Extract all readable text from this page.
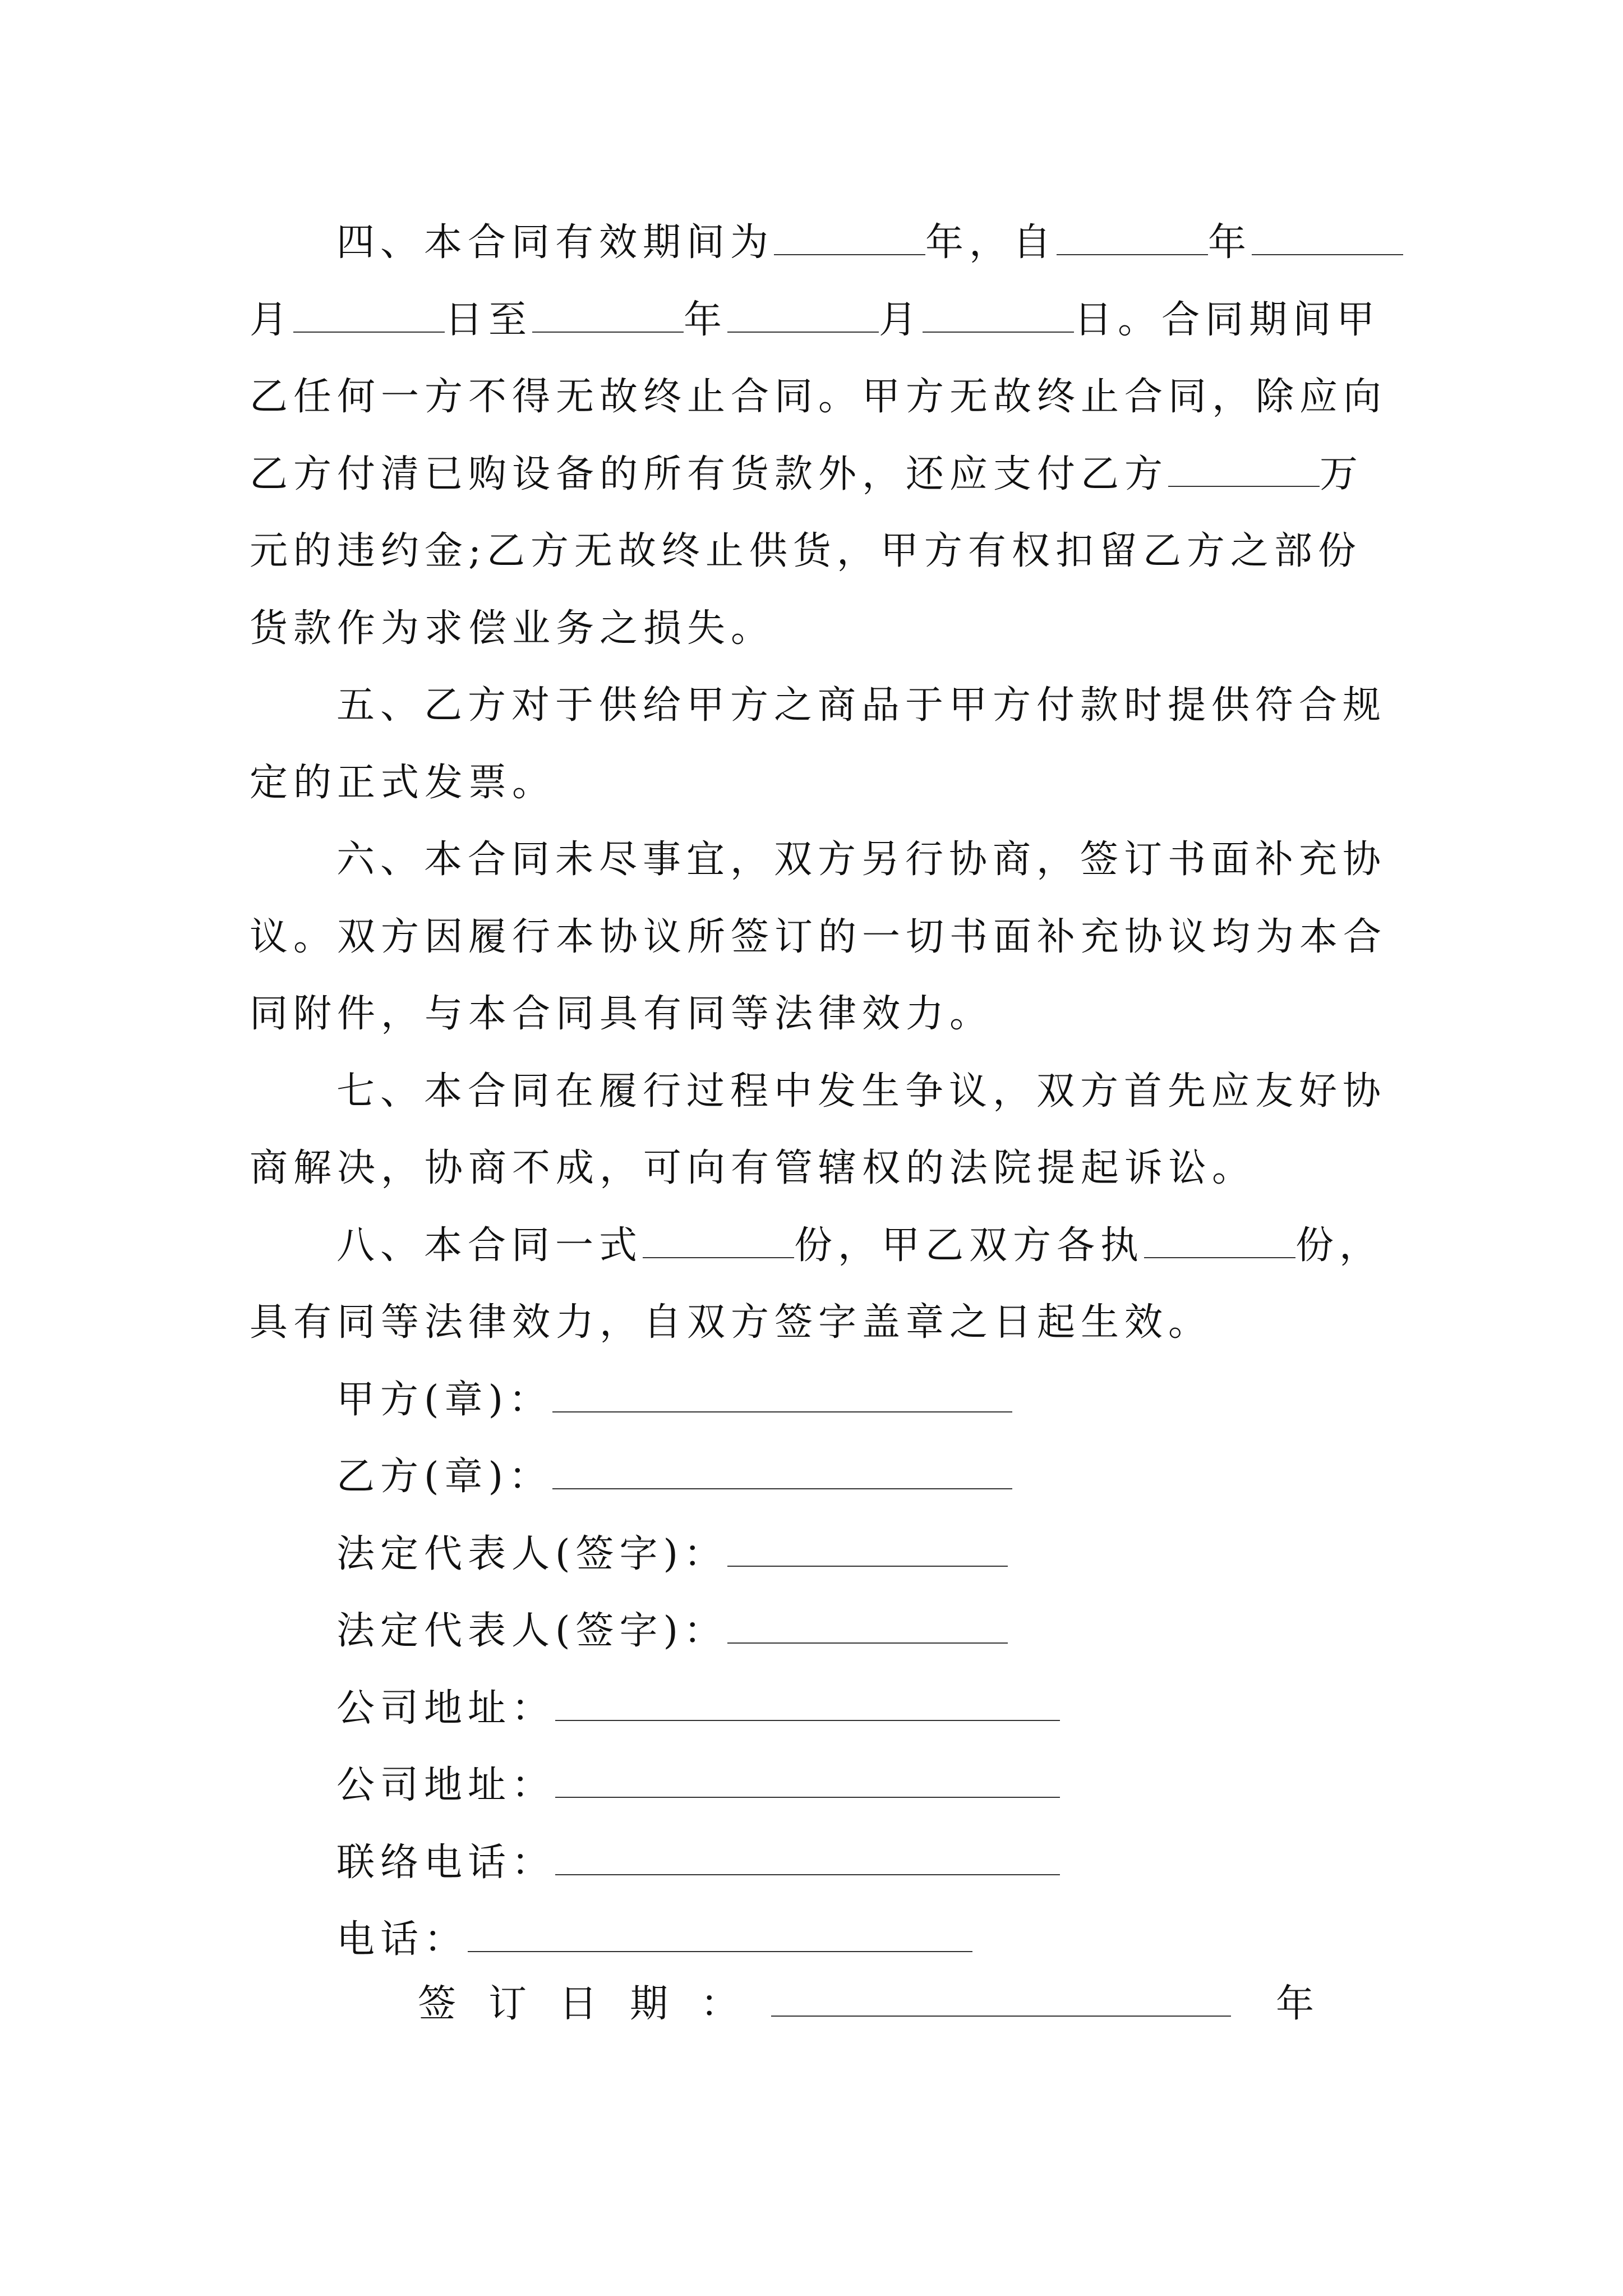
四、本合同有效期间为	年，自	年
月	日至	年	月	日。合同期间甲
乙任何一方不得无故终止合同。甲方无故终止合同，除应向
乙方付清已购设备的所有货款外，还应支付乙方	万
元的违约金;乙方无故终止供货，甲方有权扣留乙方之部份
货款作为求偿业务之损失。
五、乙方对于供给甲方之商品于甲方付款时提供符合规
定的正式发票。
六、本合同未尽事宜，双方另行协商，签订书面补充协
议。双方因履行本协议所签订的一切书面补充协议均为本合
同附件，与本合同具有同等法律效力。
七、本合同在履行过程中发生争议，双方首先应友好协
商解决，协商不成，可向有管辖权的法院提起诉讼。
八、本合同一式	份，甲乙双方各执	份，
具有同等法律效力，自双方签字盖章之日起生效。
甲方(章)：
乙方(章)：
法定代表人(签字)：
法定代表人(签字)：
公司地址：
公司地址：
联络电话：
电话：
签订日期：	年
